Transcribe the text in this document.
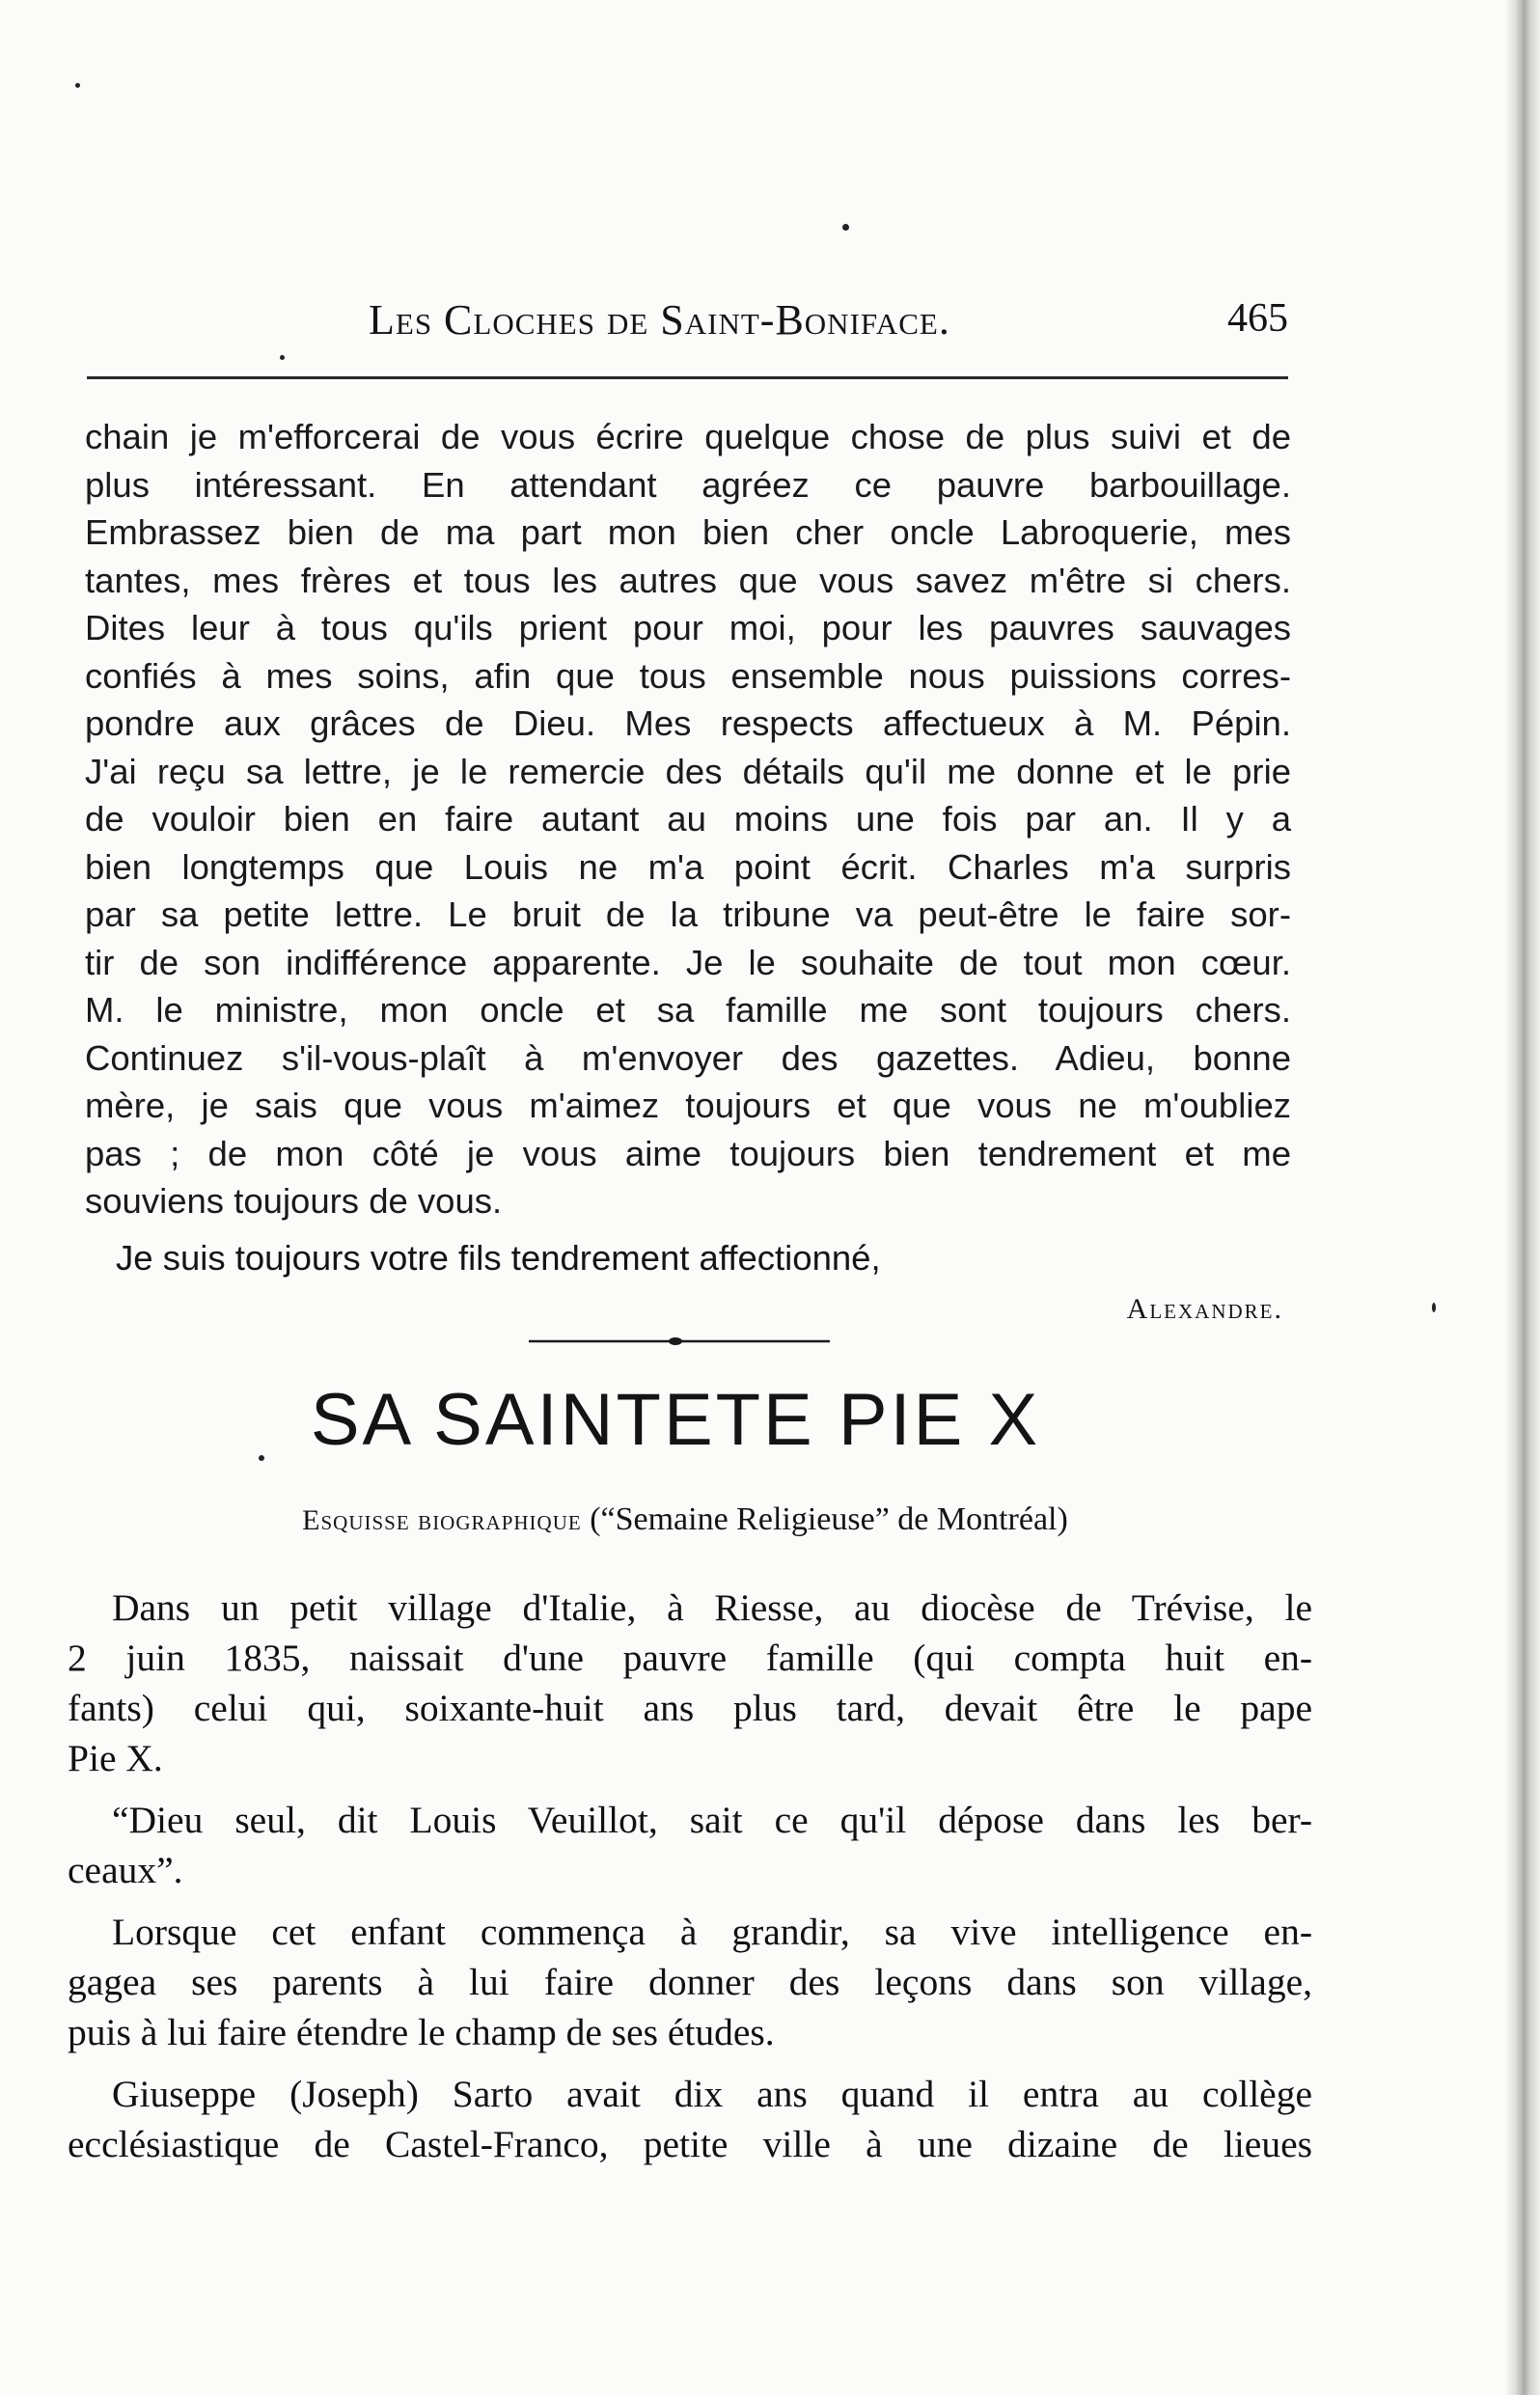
Les Cloches de Saint-Boniface.	465
chain je m'efforcerai de vous écrire quelque chose de plus suivi et de
plus intéressant. En attendant agréez ce pauvre barbouillage.
Embrassez bien de ma part mon bien cher oncle Labroquerie, mes
tantes, mes frères et tous les autres que vous savez m'être si chers.
Dites leur à tous qu'ils prient pour moi, pour les pauvres sauvages
confiés à mes soins, afin que tous ensemble nous puissions corres-
pondre aux grâces de Dieu. Mes respects affectueux à M. Pépin.
J'ai reçu sa lettre, je le remercie des détails qu'il me donne et le prie
de vouloir bien en faire autant au moins une fois par an. Il y a
bien longtemps que Louis ne m'a point écrit. Charles m'a surpris
par sa petite lettre. Le bruit de la tribune va peut-être le faire sor-
tir de son indifférence apparente. Je le souhaite de tout mon cœur.
M. le ministre, mon oncle et sa famille me sont toujours chers.
Continuez s'il-vous-plaît à m'envoyer des gazettes. Adieu, bonne
mère, je sais que vous m'aimez toujours et que vous ne m'oubliez
pas ; de mon côté je vous aime toujours bien tendrement et me
souviens toujours de vous.
Je suis toujours votre fils tendrement affectionné,
Alexandre.
SA SAINTETE PIE X
Esquisse biographique (“Semaine Religieuse” de Montréal)
Dans un petit village d'Italie, à Riesse, au diocèse de Trévise, le
2 juin 1835, naissait d'une pauvre famille (qui compta huit en-
fants) celui qui, soixante-huit ans plus tard, devait être le pape
Pie X.
“Dieu seul, dit Louis Veuillot, sait ce qu'il dépose dans les ber-
ceaux”.
Lorsque cet enfant commença à grandir, sa vive intelligence en-
gagea ses parents à lui faire donner des leçons dans son village,
puis à lui faire étendre le champ de ses études.
Giuseppe (Joseph) Sarto avait dix ans quand il entra au collège
ecclésiastique de Castel-Franco, petite ville à une dizaine de lieues
